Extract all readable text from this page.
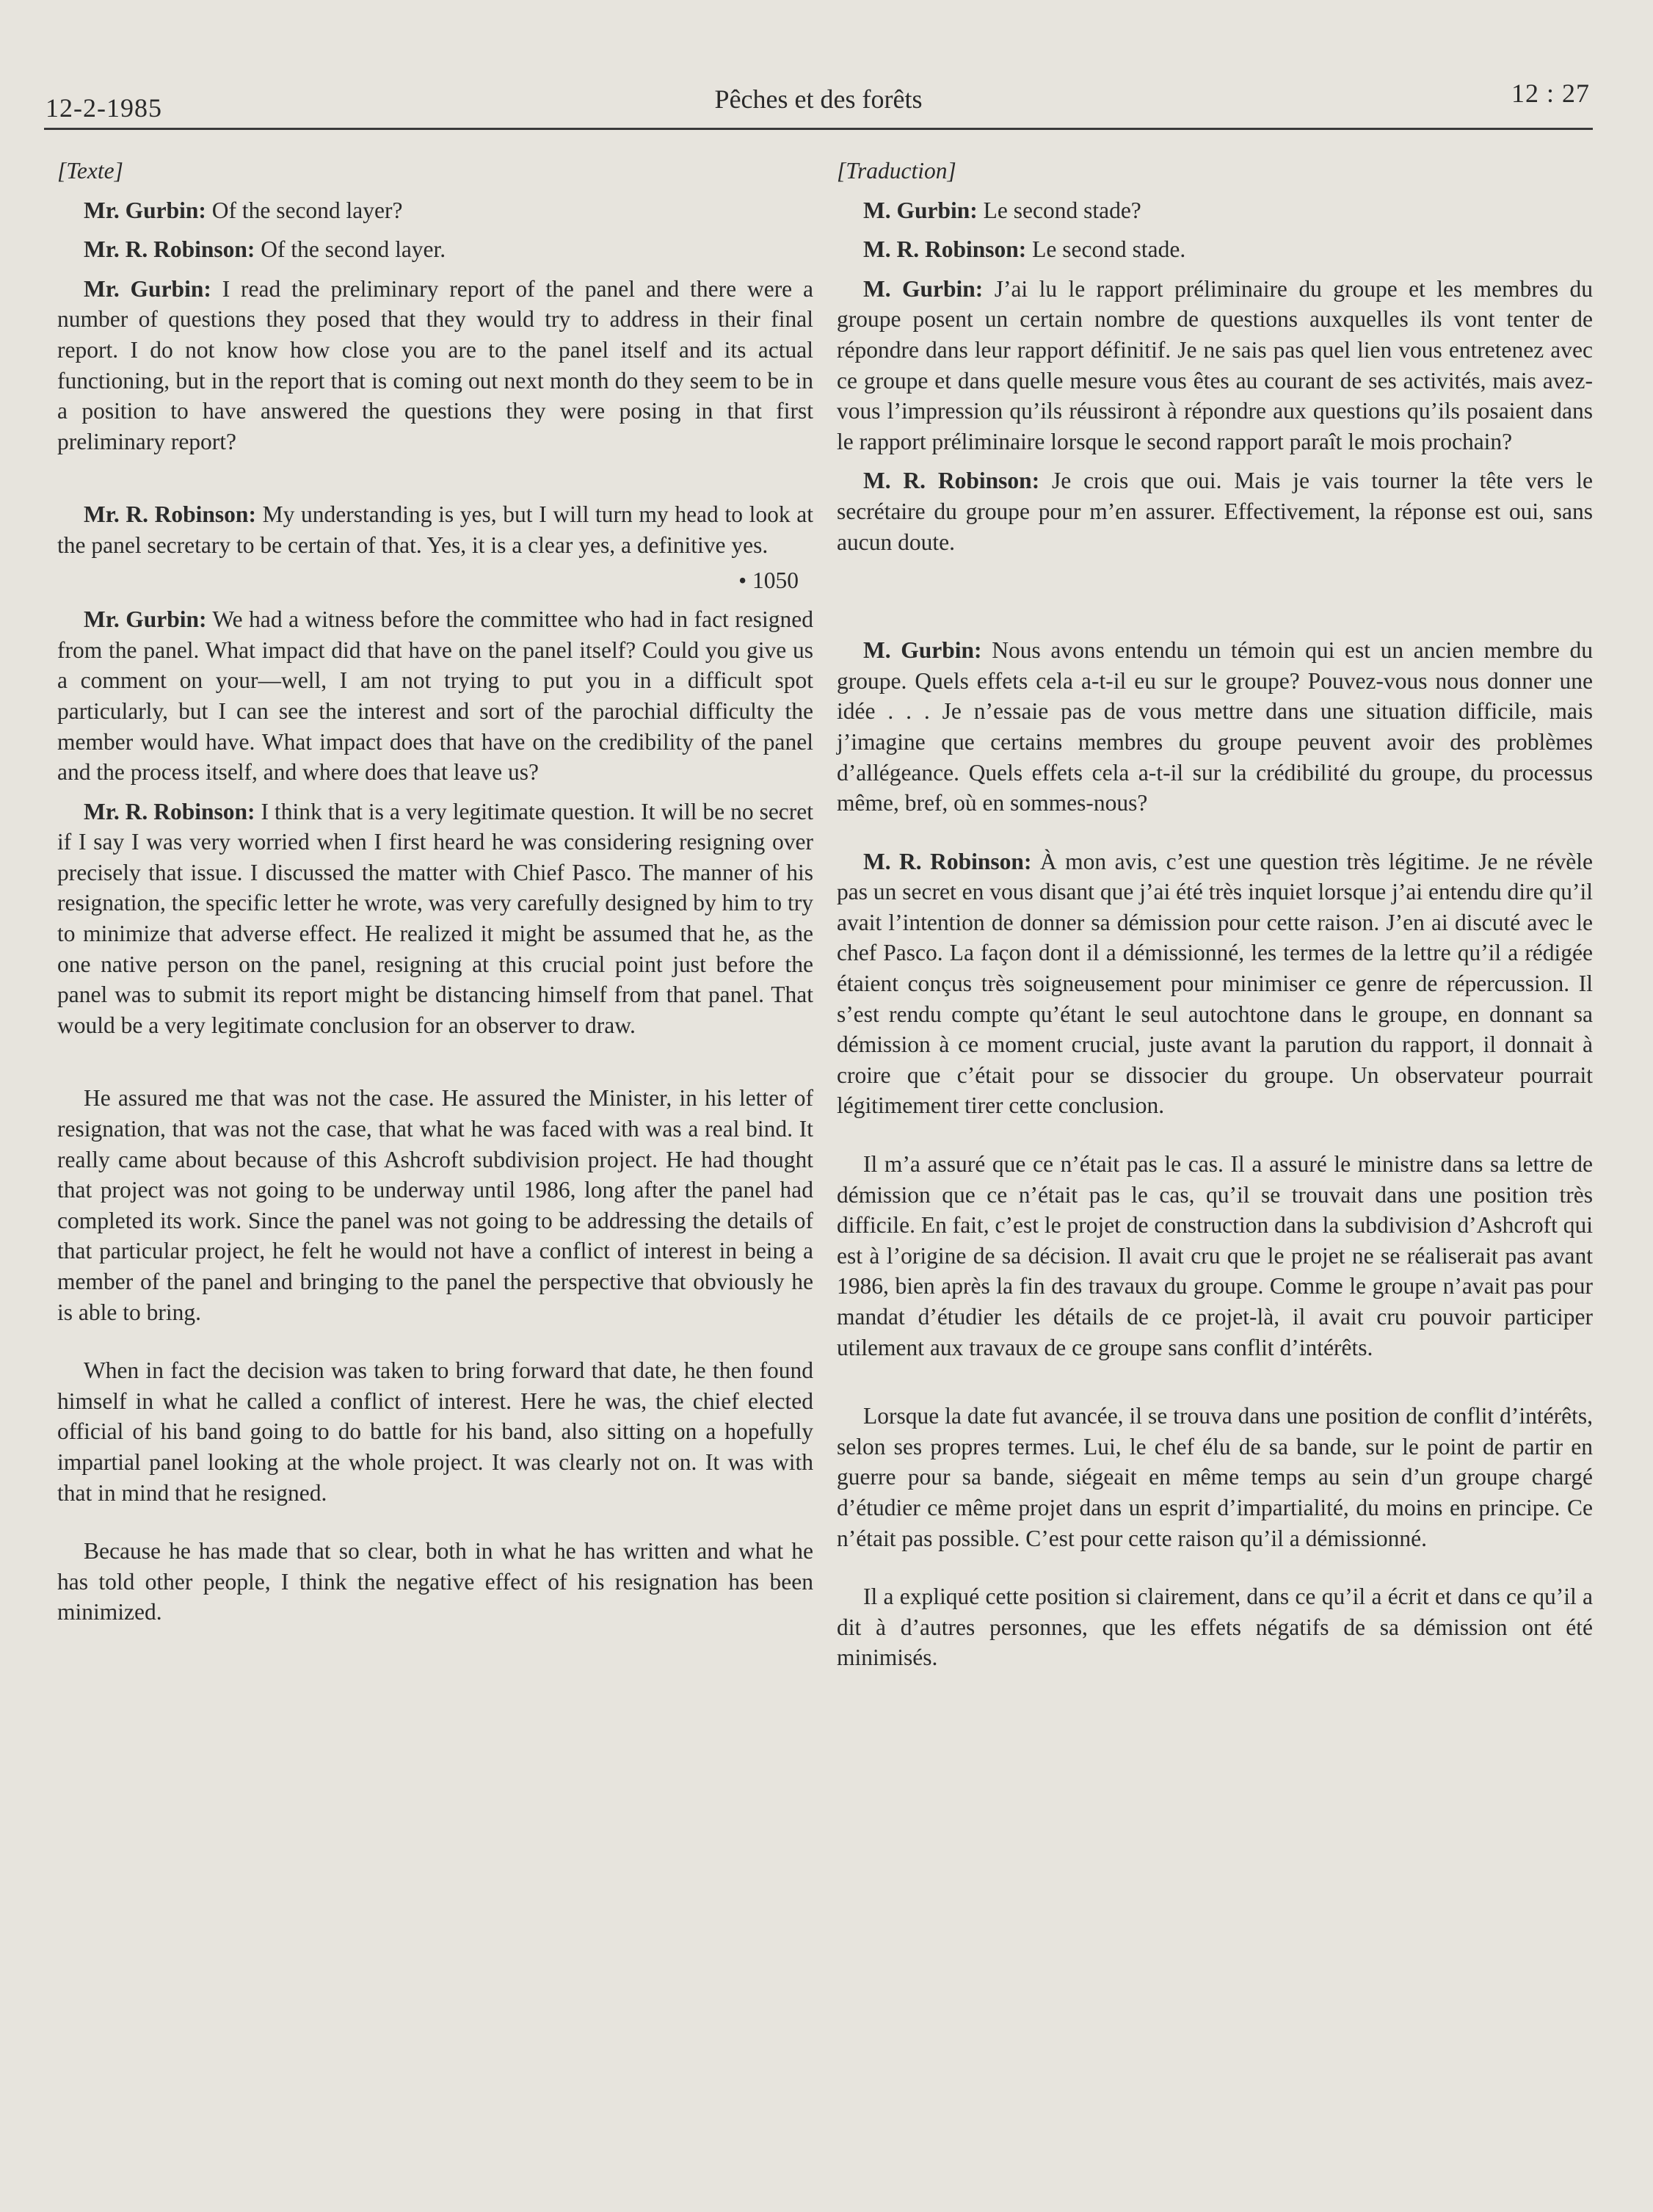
12-2-1985	Pêches et des forêts	12 : 27

[Texte]

Mr. Gurbin: Of the second layer?

Mr. R. Robinson: Of the second layer.

Mr. Gurbin: I read the preliminary report of the panel and there were a number of questions they posed that they would try to address in their final report. I do not know how close you are to the panel itself and its actual functioning, but in the report that is coming out next month do they seem to be in a position to have answered the questions they were posing in that first preliminary report?

Mr. R. Robinson: My understanding is yes, but I will turn my head to look at the panel secretary to be certain of that. Yes, it is a clear yes, a definitive yes.

• 1050

Mr. Gurbin: We had a witness before the committee who had in fact resigned from the panel. What impact did that have on the panel itself? Could you give us a comment on your—well, I am not trying to put you in a difficult spot particularly, but I can see the interest and sort of the parochial difficulty the member would have. What impact does that have on the credibility of the panel and the process itself, and where does that leave us?

Mr. R. Robinson: I think that is a very legitimate question. It will be no secret if I say I was very worried when I first heard he was considering resigning over precisely that issue. I discussed the matter with Chief Pasco. The manner of his resignation, the specific letter he wrote, was very carefully designed by him to try to minimize that adverse effect. He realized it might be assumed that he, as the one native person on the panel, resigning at this crucial point just before the panel was to submit its report might be distancing himself from that panel. That would be a very legitimate conclusion for an observer to draw.

He assured me that was not the case. He assured the Minister, in his letter of resignation, that was not the case, that what he was faced with was a real bind. It really came about because of this Ashcroft subdivision project. He had thought that project was not going to be underway until 1986, long after the panel had completed its work. Since the panel was not going to be addressing the details of that particular project, he felt he would not have a conflict of interest in being a member of the panel and bringing to the panel the perspective that obviously he is able to bring.

When in fact the decision was taken to bring forward that date, he then found himself in what he called a conflict of interest. Here he was, the chief elected official of his band going to do battle for his band, also sitting on a hopefully impartial panel looking at the whole project. It was clearly not on. It was with that in mind that he resigned.

Because he has made that so clear, both in what he has written and what he has told other people, I think the negative effect of his resignation has been minimized.

[Traduction]

M. Gurbin: Le second stade?

M. R. Robinson: Le second stade.

M. Gurbin: J’ai lu le rapport préliminaire du groupe et les membres du groupe posent un certain nombre de questions auxquelles ils vont tenter de répondre dans leur rapport définitif. Je ne sais pas quel lien vous entretenez avec ce groupe et dans quelle mesure vous êtes au courant de ses activités, mais avez-vous l’impression qu’ils réussiront à répondre aux questions qu’ils posaient dans le rapport préliminaire lorsque le second rapport paraît le mois prochain?

M. R. Robinson: Je crois que oui. Mais je vais tourner la tête vers le secrétaire du groupe pour m’en assurer. Effectivement, la réponse est oui, sans aucun doute.

M. Gurbin: Nous avons entendu un témoin qui est un ancien membre du groupe. Quels effets cela a-t-il eu sur le groupe? Pouvez-vous nous donner une idée . . . Je n’essaie pas de vous mettre dans une situation difficile, mais j’imagine que certains membres du groupe peuvent avoir des problèmes d’allégeance. Quels effets cela a-t-il sur la crédibilité du groupe, du processus même, bref, où en sommes-nous?

M. R. Robinson: À mon avis, c’est une question très légitime. Je ne révèle pas un secret en vous disant que j’ai été très inquiet lorsque j’ai entendu dire qu’il avait l’intention de donner sa démission pour cette raison. J’en ai discuté avec le chef Pasco. La façon dont il a démissionné, les termes de la lettre qu’il a rédigée étaient conçus très soigneusement pour minimiser ce genre de répercussion. Il s’est rendu compte qu’étant le seul autochtone dans le groupe, en donnant sa démission à ce moment crucial, juste avant la parution du rapport, il donnait à croire que c’était pour se dissocier du groupe. Un observateur pourrait légitimement tirer cette conclusion.

Il m’a assuré que ce n’était pas le cas. Il a assuré le ministre dans sa lettre de démission que ce n’était pas le cas, qu’il se trouvait dans une position très difficile. En fait, c’est le projet de construction dans la subdivision d’Ashcroft qui est à l’origine de sa décision. Il avait cru que le projet ne se réaliserait pas avant 1986, bien après la fin des travaux du groupe. Comme le groupe n’avait pas pour mandat d’étudier les détails de ce projet-là, il avait cru pouvoir participer utilement aux travaux de ce groupe sans conflit d’intérêts.

Lorsque la date fut avancée, il se trouva dans une position de conflit d’intérêts, selon ses propres termes. Lui, le chef élu de sa bande, sur le point de partir en guerre pour sa bande, siégeait en même temps au sein d’un groupe chargé d’étudier ce même projet dans un esprit d’impartialité, du moins en principe. Ce n’était pas possible. C’est pour cette raison qu’il a démissionné.

Il a expliqué cette position si clairement, dans ce qu’il a écrit et dans ce qu’il a dit à d’autres personnes, que les effets négatifs de sa démission ont été minimisés.
